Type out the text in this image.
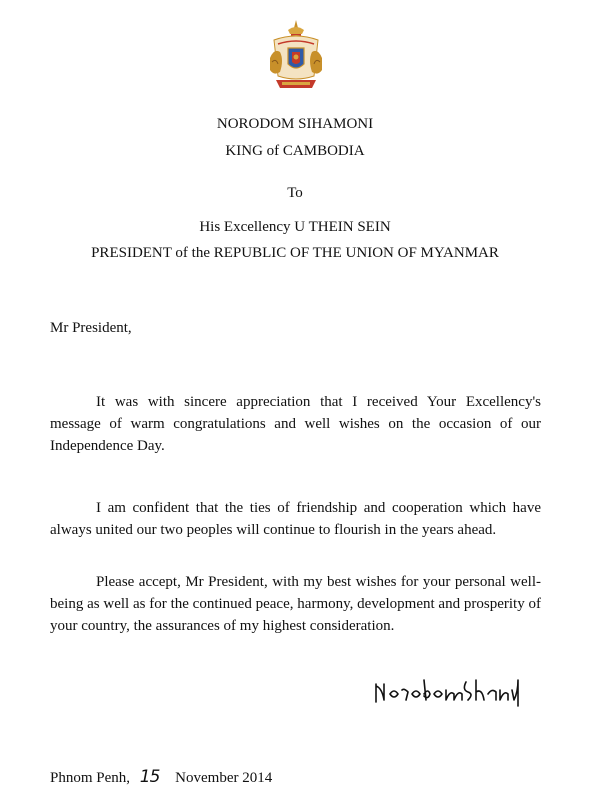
NORODOM SIHAMONI
KING of CAMBODIA
To
His Excellency U THEIN SEIN
PRESIDENT of the REPUBLIC OF THE UNION OF MYANMAR
Mr President,

It was with sincere appreciation that I received Your Excellency's message of warm congratulations and well wishes on the occasion of our Independence Day.

I am confident that the ties of friendship and cooperation which have always united our two peoples will continue to flourish in the years ahead.

Please accept, Mr President, with my best wishes for your personal well-being as well as for the continued peace, harmony, development and prosperity of your country, the assurances of my highest consideration.

Phnom Penh, 15 November 2014
